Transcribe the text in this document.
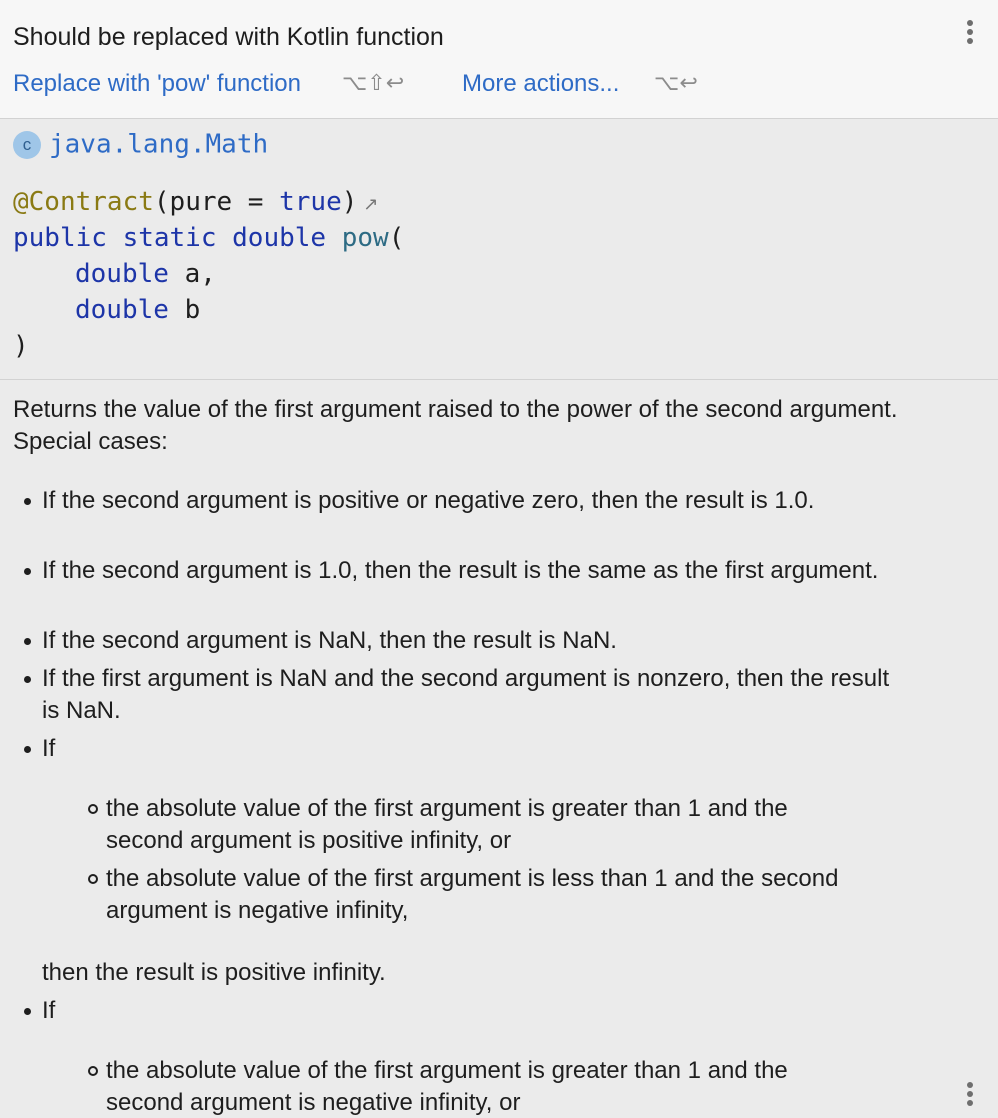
Should be replaced with Kotlin function
Replace with 'pow' function ⌥⇧↩ More actions... ⌥↩
c java.lang.Math
@Contract(pure = true) ↗
public static double pow(
double a,
double b
)
Returns the value of the first argument raised to the power of the second argument. Special cases:
If the second argument is positive or negative zero, then the result is 1.0.
If the second argument is 1.0, then the result is the same as the first argument.
If the second argument is NaN, then the result is NaN.
If the first argument is NaN and the second argument is nonzero, then the result is NaN.
If
the absolute value of the first argument is greater than 1 and the second argument is positive infinity, or
the absolute value of the first argument is less than 1 and the second argument is negative infinity,
then the result is positive infinity.
If
the absolute value of the first argument is greater than 1 and the second argument is negative infinity, or
